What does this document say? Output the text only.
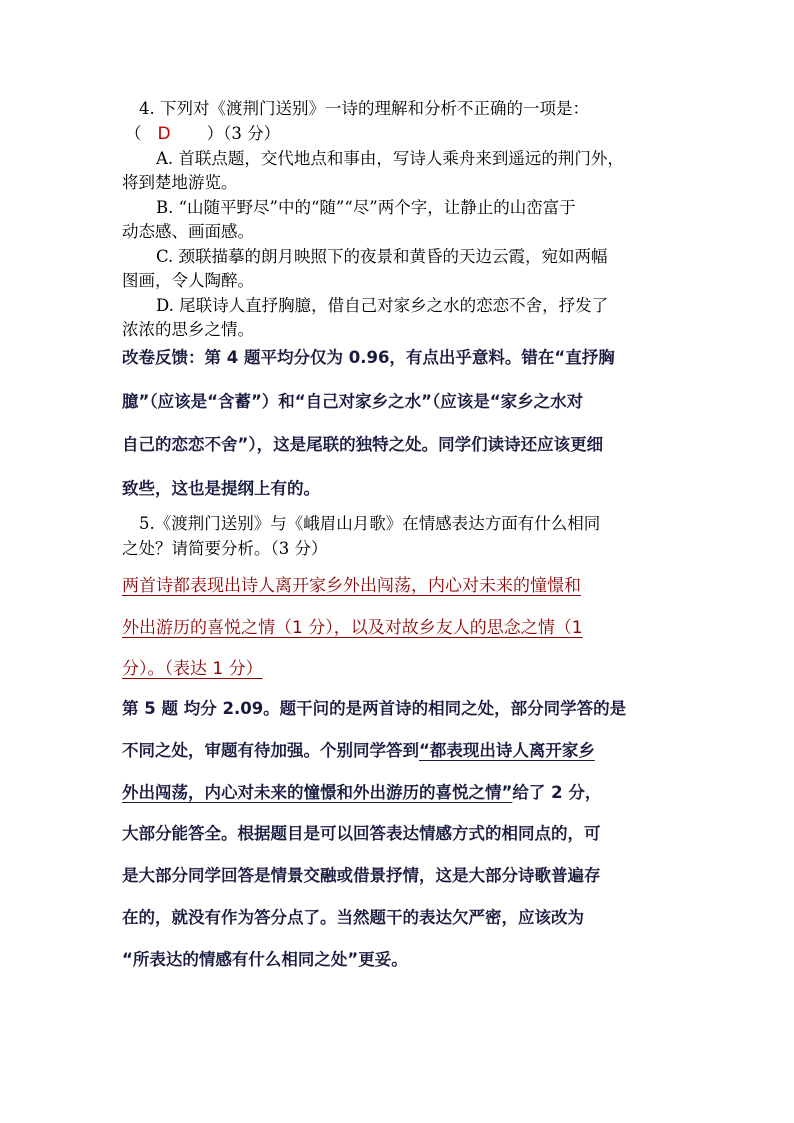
4. 下列对《渡荆门送别》一诗的理解和分析不正确的一项是：
（ D ）（3 分）
A. 首联点题，交代地点和事由，写诗人乘舟来到遥远的荆门外，
将到楚地游览。
B. “山随平野尽”中的“随”“尽”两个字，让静止的山峦富于
动态感、画面感。
C. 颈联描摹的朗月映照下的夜景和黄昏的天边云霞，宛如两幅
图画，令人陶醉。
D. 尾联诗人直抒胸臆，借自己对家乡之水的恋恋不舍，抒发了
浓浓的思乡之情。
改卷反馈：第 4 题平均分仅为 0.96，有点出乎意料。错在“直抒胸
臆”（应该是“含蓄”）和“自己对家乡之水”（应该是“家乡之水对
自己的恋恋不舍”），这是尾联的独特之处。同学们读诗还应该更细
致些，这也是提纲上有的。
5.《渡荆门送别》与《峨眉山月歌》在情感表达方面有什么相同
之处？请简要分析。（3 分）
两首诗都表现出诗人离开家乡外出闯荡，内心对未来的憧憬和
外出游历的喜悦之情（1 分），以及对故乡友人的思念之情（1
分）。（表达 1 分）
第 5 题 均分 2.09。题干问的是两首诗的相同之处，部分同学答的是
不同之处，审题有待加强。个别同学答到“都表现出诗人离开家乡
外出闯荡，内心对未来的憧憬和外出游历的喜悦之情”给了 2 分，
大部分能答全。根据题目是可以回答表达情感方式的相同点的，可
是大部分同学回答是情景交融或借景抒情，这是大部分诗歌普遍存
在的，就没有作为答分点了。当然题干的表达欠严密，应该改为
“所表达的情感有什么相同之处”更妥。
